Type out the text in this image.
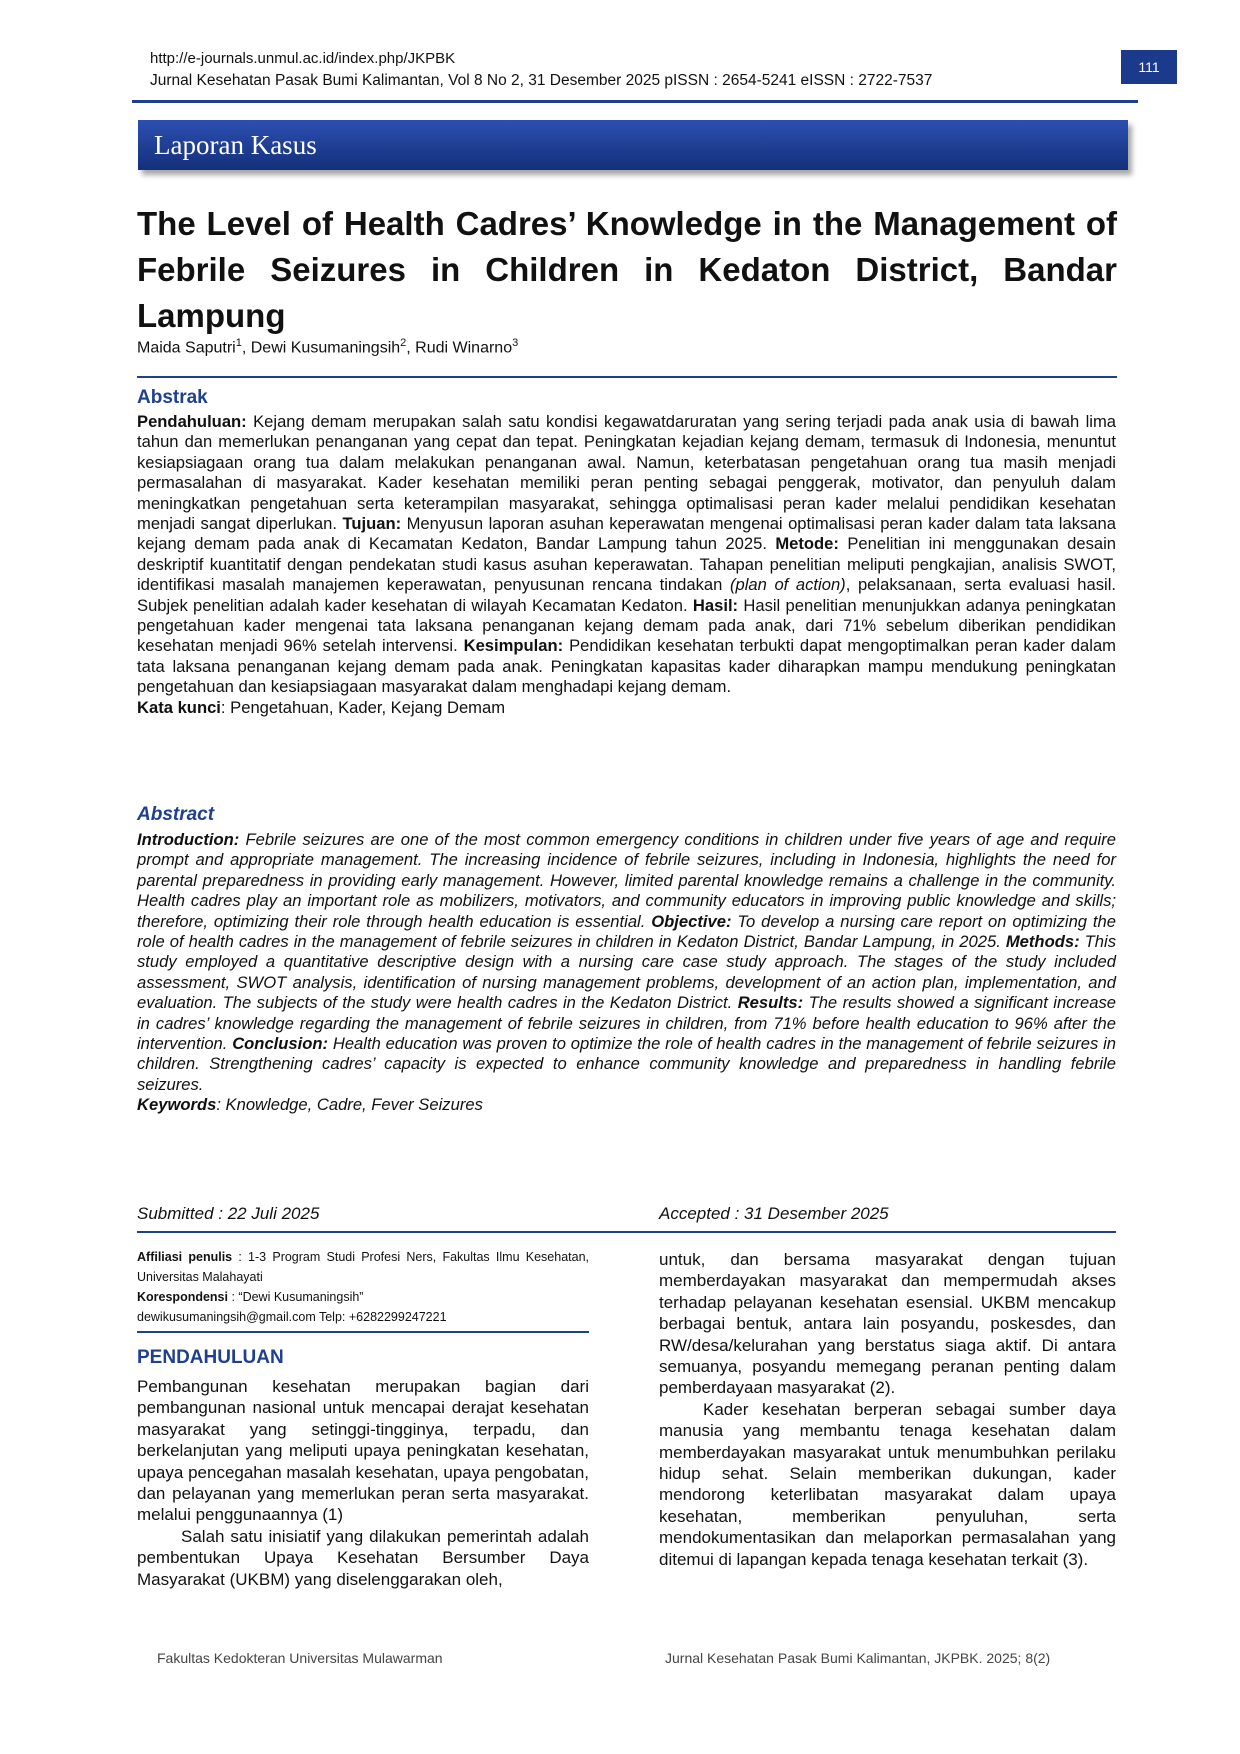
http://e-journals.unmul.ac.id/index.php/JKPBK
Jurnal Kesehatan Pasak Bumi Kalimantan, Vol 8 No 2, 31 Desember 2025 pISSN : 2654-5241 eISSN : 2722-7537
111
Laporan Kasus
The Level of Health Cadres’ Knowledge in the Management of Febrile Seizures in Children in Kedaton District, Bandar Lampung
Maida Saputri$^1$, Dewi Kusumaningsih$^2$, Rudi Winarno$^3$
Abstrak
Pendahuluan: Kejang demam merupakan salah satu kondisi kegawatdaruratan yang sering terjadi pada anak usia di bawah lima tahun dan memerlukan penanganan yang cepat dan tepat. Peningkatan kejadian kejang demam, termasuk di Indonesia, menuntut kesiapsiagaan orang tua dalam melakukan penanganan awal. Namun, keterbatasan pengetahuan orang tua masih menjadi permasalahan di masyarakat. Kader kesehatan memiliki peran penting sebagai penggerak, motivator, dan penyuluh dalam meningkatkan pengetahuan serta keterampilan masyarakat, sehingga optimalisasi peran kader melalui pendidikan kesehatan menjadi sangat diperlukan. Tujuan: Menyusun laporan asuhan keperawatan mengenai optimalisasi peran kader dalam tata laksana kejang demam pada anak di Kecamatan Kedaton, Bandar Lampung tahun 2025. Metode: Penelitian ini menggunakan desain deskriptif kuantitatif dengan pendekatan studi kasus asuhan keperawatan. Tahapan penelitian meliputi pengkajian, analisis SWOT, identifikasi masalah manajemen keperawatan, penyusunan rencana tindakan (plan of action), pelaksanaan, serta evaluasi hasil. Subjek penelitian adalah kader kesehatan di wilayah Kecamatan Kedaton. Hasil: Hasil penelitian menunjukkan adanya peningkatan pengetahuan kader mengenai tata laksana penanganan kejang demam pada anak, dari 71% sebelum diberikan pendidikan kesehatan menjadi 96% setelah intervensi. Kesimpulan: Pendidikan kesehatan terbukti dapat mengoptimalkan peran kader dalam tata laksana penanganan kejang demam pada anak. Peningkatan kapasitas kader diharapkan mampu mendukung peningkatan pengetahuan dan kesiapsiagaan masyarakat dalam menghadapi kejang demam.
Kata kunci: Pengetahuan, Kader, Kejang Demam
Abstract
Introduction: Febrile seizures are one of the most common emergency conditions in children under five years of age and require prompt and appropriate management. The increasing incidence of febrile seizures, including in Indonesia, highlights the need for parental preparedness in providing early management. However, limited parental knowledge remains a challenge in the community. Health cadres play an important role as mobilizers, motivators, and community educators in improving public knowledge and skills; therefore, optimizing their role through health education is essential. Objective: To develop a nursing care report on optimizing the role of health cadres in the management of febrile seizures in children in Kedaton District, Bandar Lampung, in 2025. Methods: This study employed a quantitative descriptive design with a nursing care case study approach. The stages of the study included assessment, SWOT analysis, identification of nursing management problems, development of an action plan, implementation, and evaluation. The subjects of the study were health cadres in the Kedaton District. Results: The results showed a significant increase in cadres’ knowledge regarding the management of febrile seizures in children, from 71% before health education to 96% after the intervention. Conclusion: Health education was proven to optimize the role of health cadres in the management of febrile seizures in children. Strengthening cadres’ capacity is expected to enhance community knowledge and preparedness in handling febrile seizures.
Keywords: Knowledge, Cadre, Fever Seizures
Submitted : 22 Juli 2025	Accepted : 31 Desember 2025
Affiliasi penulis : 1-3 Program Studi Profesi Ners, Fakultas Ilmu Kesehatan, Universitas Malahayati
Korespondensi : “Dewi Kusumaningsih”
dewikusumaningsih@gmail.com Telp: +6282299247221
PENDAHULUAN

Pembangunan kesehatan merupakan bagian dari pembangunan nasional untuk mencapai derajat kesehatan masyarakat yang setinggi-tingginya, terpadu, dan berkelanjutan yang meliputi upaya peningkatan kesehatan, upaya pencegahan masalah kesehatan, upaya pengobatan, dan pelayanan yang memerlukan peran serta masyarakat. melalui penggunaannya (1)

Salah satu inisiatif yang dilakukan pemerintah adalah pembentukan Upaya Kesehatan Bersumber Daya Masyarakat (UKBM) yang diselenggarakan oleh,

untuk, dan bersama masyarakat dengan tujuan memberdayakan masyarakat dan mempermudah akses terhadap pelayanan kesehatan esensial. UKBM mencakup berbagai bentuk, antara lain posyandu, poskesdes, dan RW/desa/kelurahan yang berstatus siaga aktif. Di antara semuanya, posyandu memegang peranan penting dalam pemberdayaan masyarakat (2).

Kader kesehatan berperan sebagai sumber daya manusia yang membantu tenaga kesehatan dalam memberdayakan masyarakat untuk menumbuhkan perilaku hidup sehat. Selain memberikan dukungan, kader mendorong keterlibatan masyarakat dalam upaya kesehatan, memberikan penyuluhan, serta mendokumentasikan dan melaporkan permasalahan yang ditemui di lapangan kepada tenaga kesehatan terkait (3).

Fakultas Kedokteran Universitas Mulawarman	Jurnal Kesehatan Pasak Bumi Kalimantan, JKPBK. 2025; 8(2)
